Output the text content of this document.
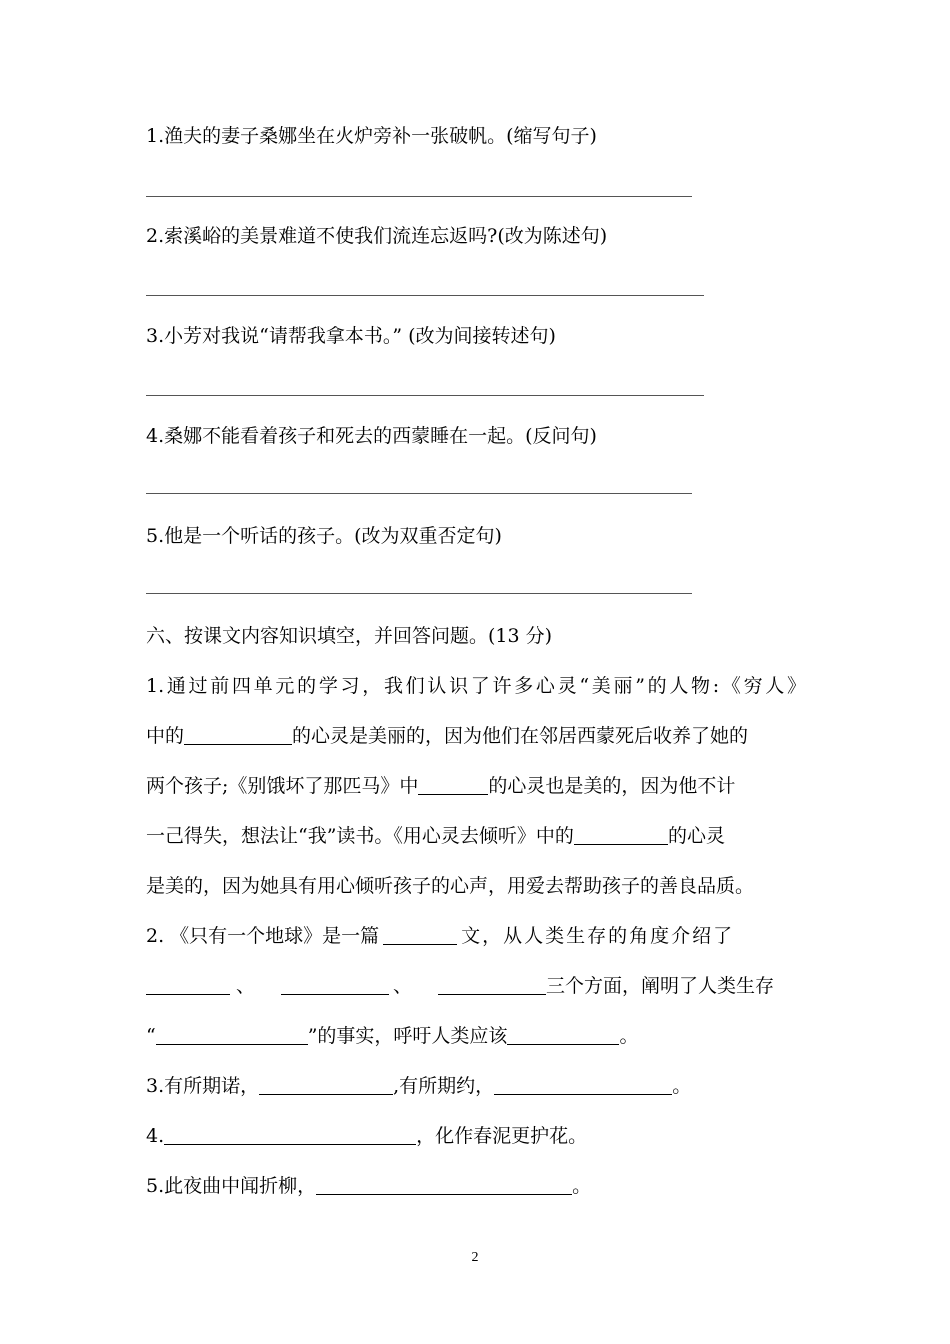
1.渔夫的妻子桑娜坐在火炉旁补一张破帆。(缩写句子)
2.索溪峪的美景难道不使我们流连忘返吗?(改为陈述句)
3.小芳对我说“请帮我拿本书。” (改为间接转述句)
4.桑娜不能看着孩子和死去的西蒙睡在一起。(反问句)
5.他是一个听话的孩子。(改为双重否定句)
六、按课文内容知识填空，并回答问题。(13 分)
1.通过前四单元的学习，我们认识了许多心灵“美丽”的人物:《穷人》
中的	的心灵是美丽的，因为他们在邻居西蒙死后收养了她的
两个孩子;《别饿坏了那匹马》中	的心灵也是美的，因为他不计
一己得失，想法让“我”读书。《用心灵去倾听》中的	的心灵
是美的，因为她具有用心倾听孩子的心声，用爱去帮助孩子的善良品质。
2. 《只有一个地球》是一篇	文，从人类生存的角度介绍了
、	、	三个方面，阐明了人类生存
“	”的事实，呼吁人类应该	。
3.有所期诺，	,有所期约，	。
4.	，化作春泥更护花。
5.此夜曲中闻折柳，	。
2
